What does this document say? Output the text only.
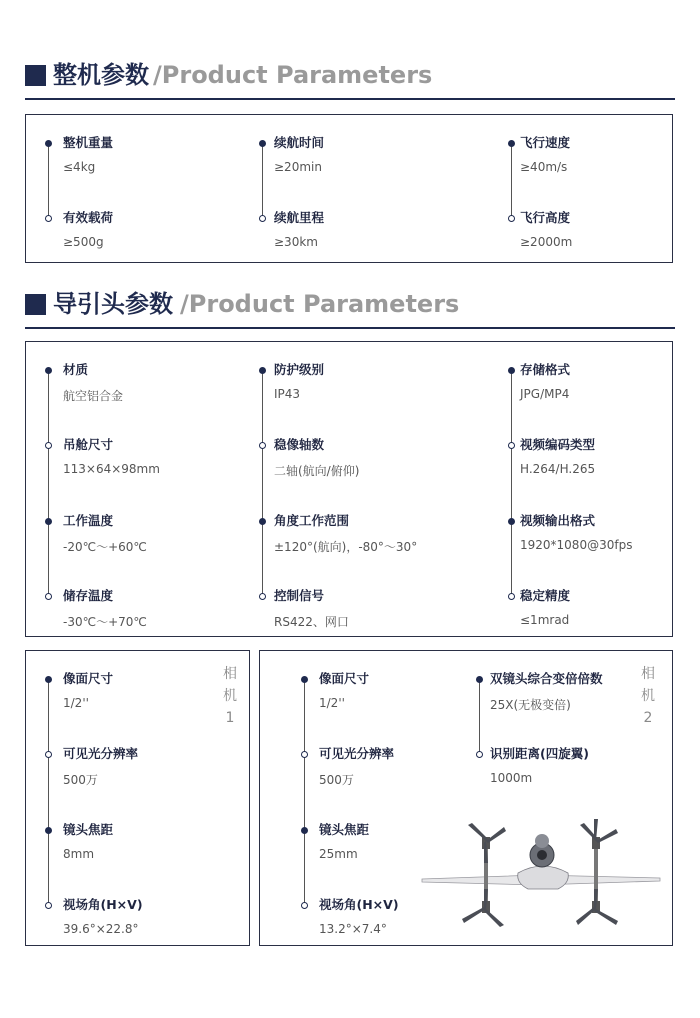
整机参数 /Product Parameters
整机重量
≤4kg
有效载荷
≥500g
续航时间
≥20min
续航里程
≥30km
飞行速度
≥40m/s
飞行高度
≥2000m
导引头参数 /Product Parameters
材质
航空铝合金
吊舱尺寸
113×64×98mm
工作温度
-20℃～+60℃
储存温度
-30℃～+70℃
防护级别
IP43
稳像轴数
二轴(航向/俯仰)
角度工作范围
±120°(航向)，-80°～30°
控制信号
RS422、网口
存储格式
JPG/MP4
视频编码类型
H.264/H.265
视频输出格式
1920*1080@30fps
稳定精度
≤1mrad
像面尺寸
1/2''
可见光分辨率
500万
镜头焦距
8mm
视场角(H×V)
39.6°×22.8°
相
机
1
像面尺寸
1/2''
可见光分辨率
500万
镜头焦距
25mm
视场角(H×V)
13.2°×7.4°
双镜头综合变倍倍数
25X(无极变倍)
识别距离(四旋翼)
1000m
相
机
2
